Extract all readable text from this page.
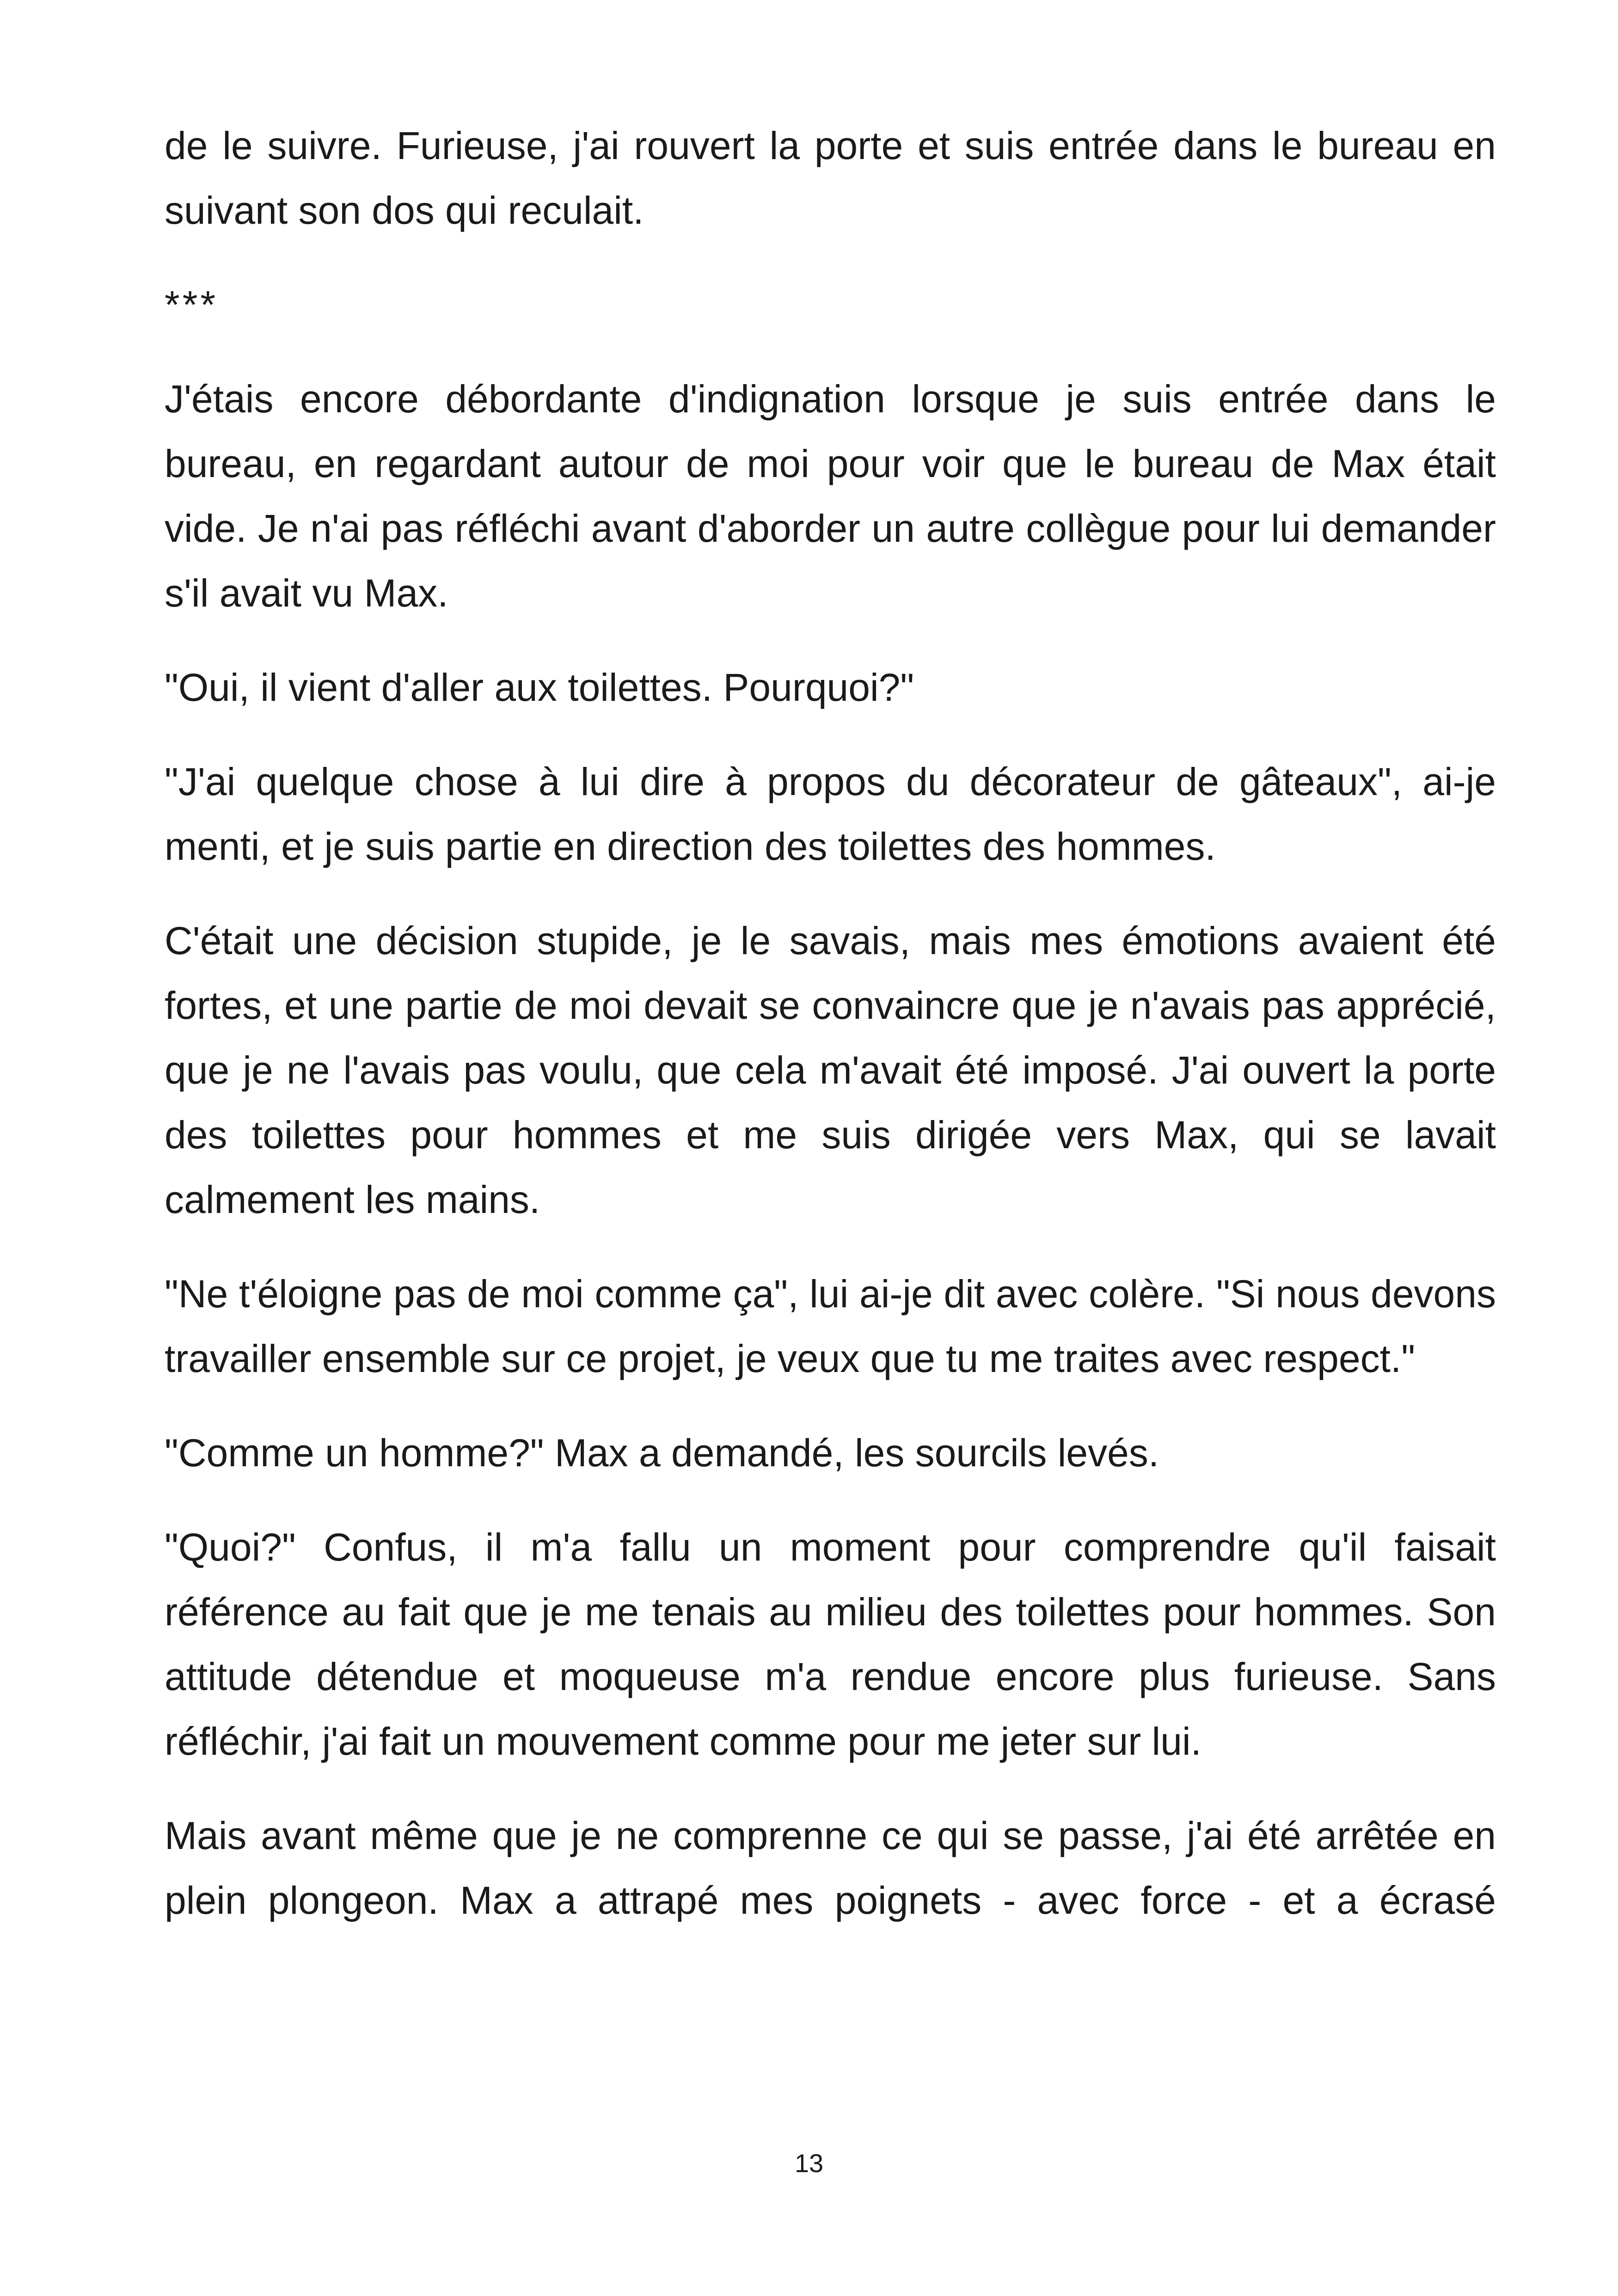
de le suivre. Furieuse, j'ai rouvert la porte et suis entrée dans le bureau en suivant son dos qui reculait.

***

J'étais encore débordante d'indignation lorsque je suis entrée dans le bureau, en regardant autour de moi pour voir que le bureau de Max était vide. Je n'ai pas réfléchi avant d'aborder un autre collègue pour lui demander s'il avait vu Max.

"Oui, il vient d'aller aux toilettes. Pourquoi?"

"J'ai quelque chose à lui dire à propos du décorateur de gâteaux", ai-je menti, et je suis partie en direction des toilettes des hommes.

C'était une décision stupide, je le savais, mais mes émotions avaient été fortes, et une partie de moi devait se convaincre que je n'avais pas apprécié, que je ne l'avais pas voulu, que cela m'avait été imposé. J'ai ouvert la porte des toilettes pour hommes et me suis dirigée vers Max, qui se lavait calmement les mains.

"Ne t'éloigne pas de moi comme ça", lui ai-je dit avec colère. "Si nous devons travailler ensemble sur ce projet, je veux que tu me traites avec respect."

"Comme un homme?" Max a demandé, les sourcils levés.

"Quoi?" Confus, il m'a fallu un moment pour comprendre qu'il faisait référence au fait que je me tenais au milieu des toilettes pour hommes. Son attitude détendue et moqueuse m'a rendue encore plus furieuse. Sans réfléchir, j'ai fait un mouvement comme pour me jeter sur lui.

Mais avant même que je ne comprenne ce qui se passe, j'ai été arrêtée en plein plongeon. Max a attrapé mes poignets - avec force - et a écrasé

13
